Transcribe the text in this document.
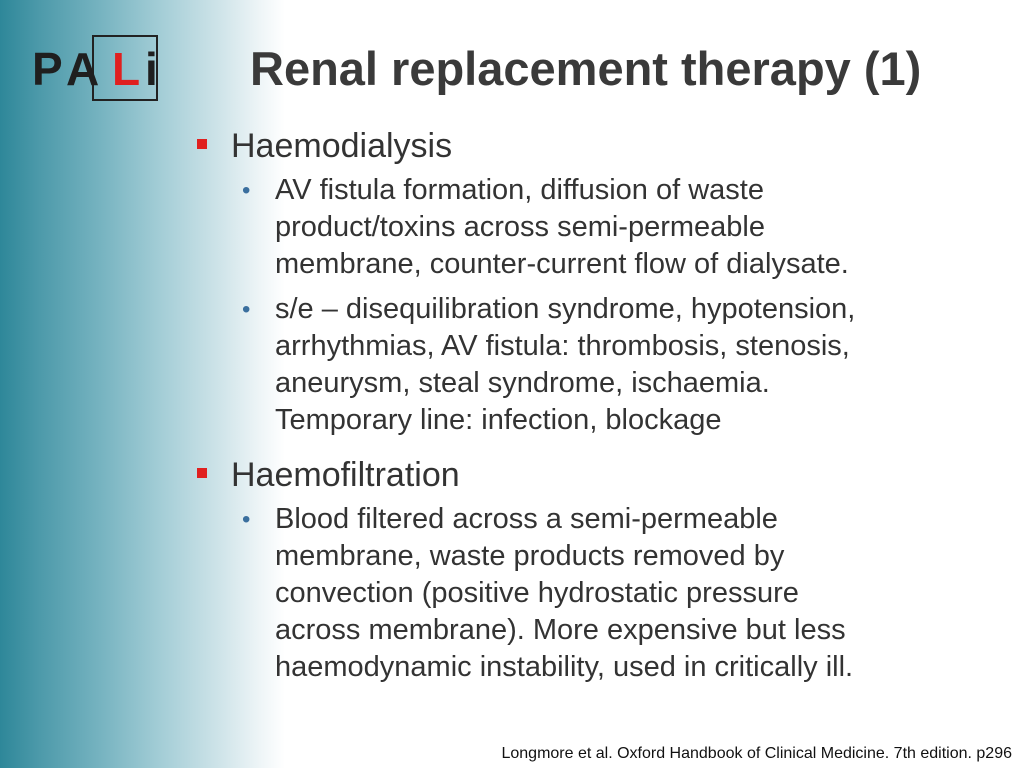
P A L i Renal replacement therapy (1)
Haemodialysis
• AV fistula formation, diffusion of waste
product/toxins across semi-permeable
membrane, counter-current flow of dialysate.
• s/e – disequilibration syndrome, hypotension,
arrhythmias, AV fistula: thrombosis, stenosis,
aneurysm, steal syndrome, ischaemia.
Temporary line: infection, blockage
Haemofiltration
• Blood filtered across a semi-permeable
membrane, waste products removed by
convection (positive hydrostatic pressure
across membrane). More expensive but less
haemodynamic instability, used in critically ill.
Longmore et al. Oxford Handbook of Clinical Medicine. 7th edition. p296
